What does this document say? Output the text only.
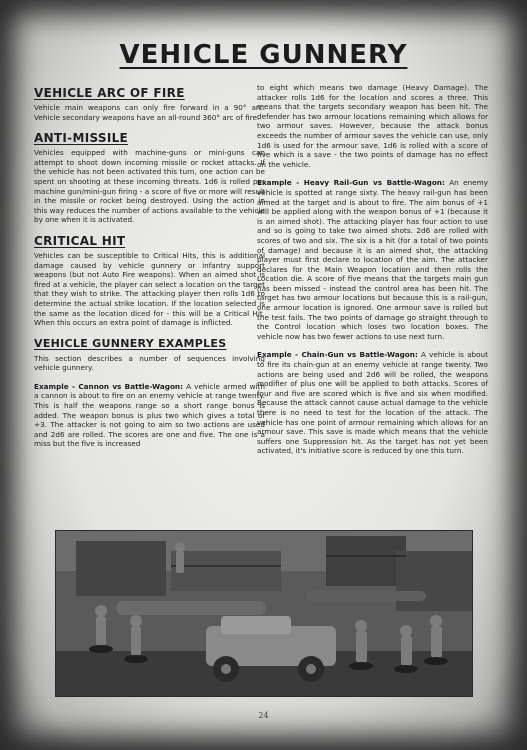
VEHICLE GUNNERY
VEHICLE ARC OF FIRE

Vehicle main weapons can only fire forward in a 90° arc. Vehicle secondary weapons have an all-round 360° arc of fire.

ANTI-MISSILE

Vehicles equipped with machine-guns or mini-guns can attempt to shoot down incoming missile or rocket attacks. If the vehicle has not been activated this turn, one action can be spent on shooting at these incoming threats. 1d6 is rolled per machine gun/mini-gun firing - a score of five or more will result in the missile or rocket being destroyed. Using the action in this way reduces the number of actions available to the vehicle by one when it is activated.

CRITICAL HIT

Vehicles can be susceptible to Critical Hits, this is additional damage caused by vehicle gunnery or infantry support weapons (but not Auto Fire weapons). When an aimed shot is fired at a vehicle, the player can select a location on the target that they wish to strike. The attacking player then rolls 1d6 to determine the actual strike location. If the location selected is the same as the location diced for - this will be a Critical Hit. When this occurs an extra point of damage is inflicted.

VEHICLE GUNNERY EXAMPLES

This section describes a number of sequences involving vehicle gunnery.

Example - Cannon vs Battle-Wagon: A vehicle armed with a cannon is about to fire on an enemy vehicle at range twenty. This is half the weapons range so a short range bonus is added. The weapon bonus is plus two which gives a total of +3. The attacker is not going to aim so two actions are used and 2d6 are rolled. The scores are one and five. The one is a miss but the five is increased

to eight which means two damage (Heavy Damage). The attacker rolls 1d6 for the location and scores a three. This means that the targets secondary weapon has been hit. The defender has two armour locations remaining which allows for two armour saves. However, because the attack bonus exceeds the number of armour saves the vehicle can use, only 1d6 is used for the armour save. 1d6 is rolled with a score of five which is a save - the two points of damage has no effect on the vehicle.

Example - Heavy Rail-Gun vs Battle-Wagon: An enemy vehicle is spotted at range sixty. The heavy rail-gun has been aimed at the target and is about to fire. The aim bonus of +1 will be applied along with the weapon bonus of +1 (because it is an aimed shot). The attacking player has four action to use and so is going to take two aimed shots. 2d6 are rolled with scores of two and six. The six is a hit (for a total of two points of damage) and because it is an aimed shot, the attacking player must first declare to location of the aim. The attacker declares for the Main Weapon location and then rolls the Location die. A score of five means that the targets main gun has been missed - instead the control area has been hit. The target has two armour locations but because this is a rail-gun, one armour location is ignored. One armour save is rolled but the test fails. The two points of damage go straight through to the Control location which loses two location boxes. The vehicle now has two fewer actions to use next turn.

Example - Chain-Gun vs Battle-Wagon: A vehicle is about to fire its chain-gun at an enemy vehicle at range twenty. Two actions are being used and 2d6 will be rolled, the weapons modifier of plus one will be applied to both attacks. Scores of four and five are scored which is five and six when modified. Because the attack cannot cause actual damage to the vehicle there is no need to test for the location of the attack. The vehicle has one point of armour remaining which allows for an armour save. This save is made which means that the vehicle suffers one Suppression hit. As the target has not yet been activated, it's initiative score is reduced by one this turn.

24
